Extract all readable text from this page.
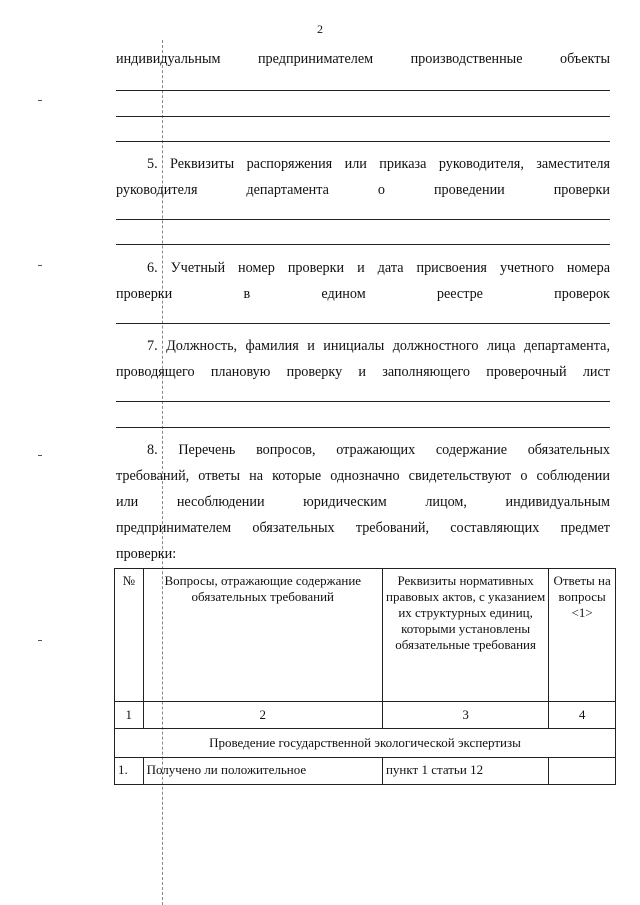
2
индивидуальным	предпринимателем	производственные	объекты
5. Реквизиты распоряжения или приказа руководителя, заместителя
руководителя	департамента	о	проведении	проверки
6. Учетный номер проверки и дата присвоения учетного номера
проверки	в	едином	реестре	проверок
7. Должность, фамилия и инициалы должностного лица департамента,
проводящего плановую проверку и заполняющего проверочный лист
8. Перечень вопросов, отражающих содержание обязательных
требований, ответы на которые однозначно свидетельствуют о соблюдении
или	несоблюдении	юридическим	лицом,	индивидуальным
предпринимателем обязательных требований, составляющих предмет
проверки:
№	Вопросы, отражающие содержание обязательных требований	Реквизиты нормативных правовых актов, с указанием их структурных единиц, которыми установлены обязательные требования	Ответы на вопросы <1>
1	2	3	4
Проведение государственной экологической экспертизы			
1.	Получено ли положительное	пункт 1 статьи 12	
